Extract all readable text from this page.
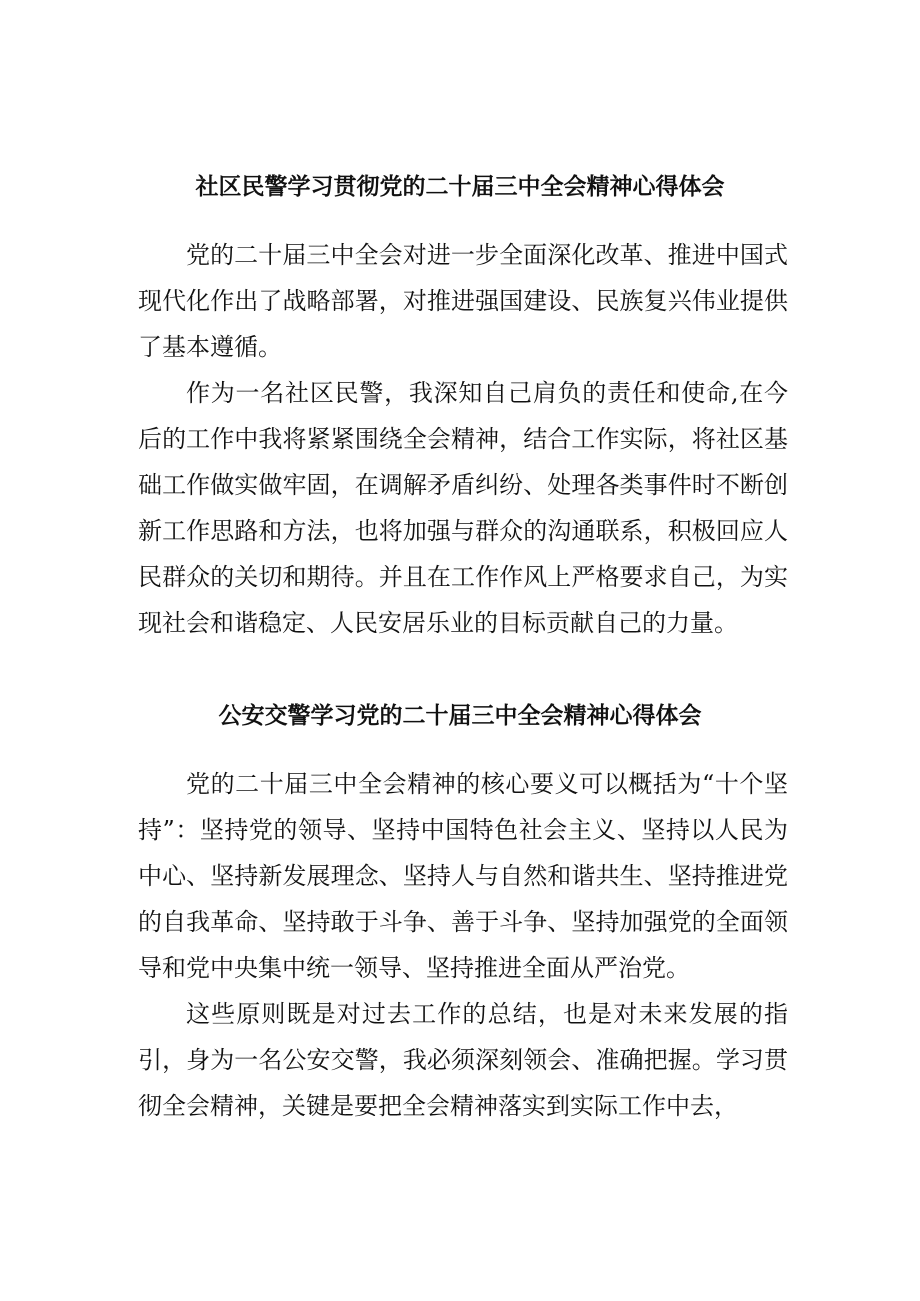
社区民警学习贯彻党的二十届三中全会精神心得体会

党的二十届三中全会对进一步全面深化改革、推进中国式现代化作出了战略部署，对推进强国建设、民族复兴伟业提供了基本遵循。

作为一名社区民警，我深知自己肩负的责任和使命,在今后的工作中我将紧紧围绕全会精神，结合工作实际，将社区基础工作做实做牢固，在调解矛盾纠纷、处理各类事件时不断创新工作思路和方法，也将加强与群众的沟通联系，积极回应人民群众的关切和期待。并且在工作作风上严格要求自己，为实现社会和谐稳定、人民安居乐业的目标贡献自己的力量。

公安交警学习党的二十届三中全会精神心得体会

党的二十届三中全会精神的核心要义可以概括为“十个坚持”：坚持党的领导、坚持中国特色社会主义、坚持以人民为中心、坚持新发展理念、坚持人与自然和谐共生、坚持推进党的自我革命、坚持敢于斗争、善于斗争、坚持加强党的全面领导和党中央集中统一领导、坚持推进全面从严治党。

这些原则既是对过去工作的总结，也是对未来发展的指引，身为一名公安交警，我必须深刻领会、准确把握。学习贯彻全会精神，关键是要把全会精神落实到实际工作中去，
